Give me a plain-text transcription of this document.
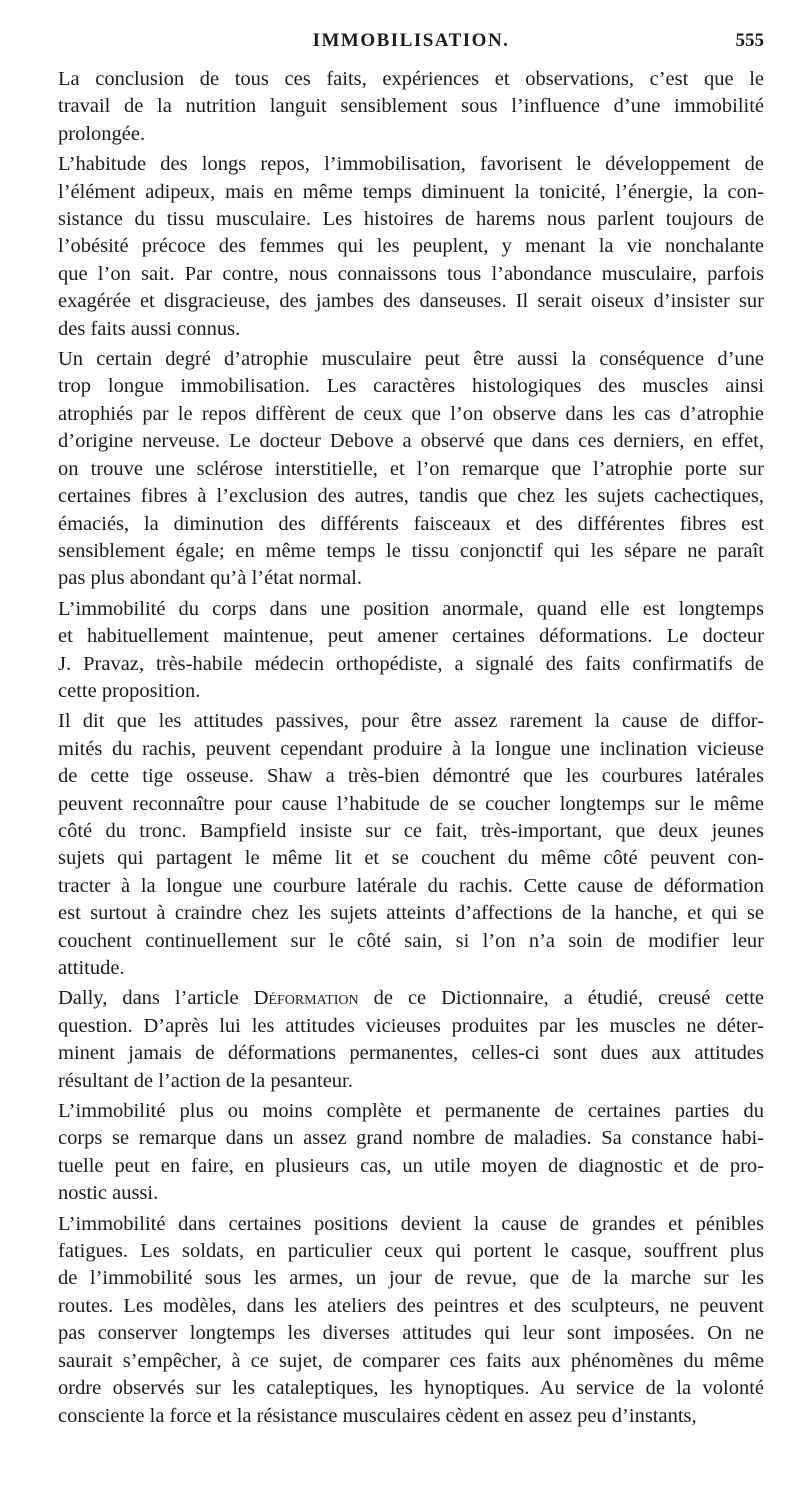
IMMOBILISATION.	555
La conclusion de tous ces faits, expériences et observations, c’est que le
travail de la nutrition languit sensiblement sous l’influence d’une immobilité
prolongée.
L’habitude des longs repos, l’immobilisation, favorisent le développement de
l’élément adipeux, mais en même temps diminuent la tonicité, l’énergie, la con-
sistance du tissu musculaire. Les histoires de harems nous parlent toujours de
l’obésité précoce des femmes qui les peuplent, y menant la vie nonchalante
que l’on sait. Par contre, nous connaissons tous l’abondance musculaire, parfois
exagérée et disgracieuse, des jambes des danseuses. Il serait oiseux d’insister sur
des faits aussi connus.
Un certain degré d’atrophie musculaire peut être aussi la conséquence d’une
trop longue immobilisation. Les caractères histologiques des muscles ainsi
atrophiés par le repos diffèrent de ceux que l’on observe dans les cas d’atrophie
d’origine nerveuse. Le docteur Debove a observé que dans ces derniers, en effet,
on trouve une sclérose interstitielle, et l’on remarque que l’atrophie porte sur
certaines fibres à l’exclusion des autres, tandis que chez les sujets cachectiques,
émaciés, la diminution des différents faisceaux et des différentes fibres est
sensiblement égale; en même temps le tissu conjonctif qui les sépare ne paraît
pas plus abondant qu’à l’état normal.
L’immobilité du corps dans une position anormale, quand elle est longtemps
et habituellement maintenue, peut amener certaines déformations. Le docteur
J. Pravaz, très-habile médecin orthopédiste, a signalé des faits confirmatifs de
cette proposition.
Il dit que les attitudes passives, pour être assez rarement la cause de diffor-
mités du rachis, peuvent cependant produire à la longue une inclination vicieuse
de cette tige osseuse. Shaw a très-bien démontré que les courbures latérales
peuvent reconnaître pour cause l’habitude de se coucher longtemps sur le même
côté du tronc. Bampfield insiste sur ce fait, très-important, que deux jeunes
sujets qui partagent le même lit et se couchent du même côté peuvent con-
tracter à la longue une courbure latérale du rachis. Cette cause de déformation
est surtout à craindre chez les sujets atteints d’affections de la hanche, et qui se
couchent continuellement sur le côté sain, si l’on n’a soin de modifier leur
attitude.
Dally, dans l’article Déformation de ce Dictionnaire, a étudié, creusé cette
question. D’après lui les attitudes vicieuses produites par les muscles ne déter-
minent jamais de déformations permanentes, celles-ci sont dues aux attitudes
résultant de l’action de la pesanteur.
L’immobilité plus ou moins complète et permanente de certaines parties du
corps se remarque dans un assez grand nombre de maladies. Sa constance habi-
tuelle peut en faire, en plusieurs cas, un utile moyen de diagnostic et de pro-
nostic aussi.
L’immobilité dans certaines positions devient la cause de grandes et pénibles
fatigues. Les soldats, en particulier ceux qui portent le casque, souffrent plus
de l’immobilité sous les armes, un jour de revue, que de la marche sur les
routes. Les modèles, dans les ateliers des peintres et des sculpteurs, ne peuvent
pas conserver longtemps les diverses attitudes qui leur sont imposées. On ne
saurait s’empêcher, à ce sujet, de comparer ces faits aux phénomènes du même
ordre observés sur les cataleptiques, les hynoptiques. Au service de la volonté
consciente la force et la résistance musculaires cèdent en assez peu d’instants,
